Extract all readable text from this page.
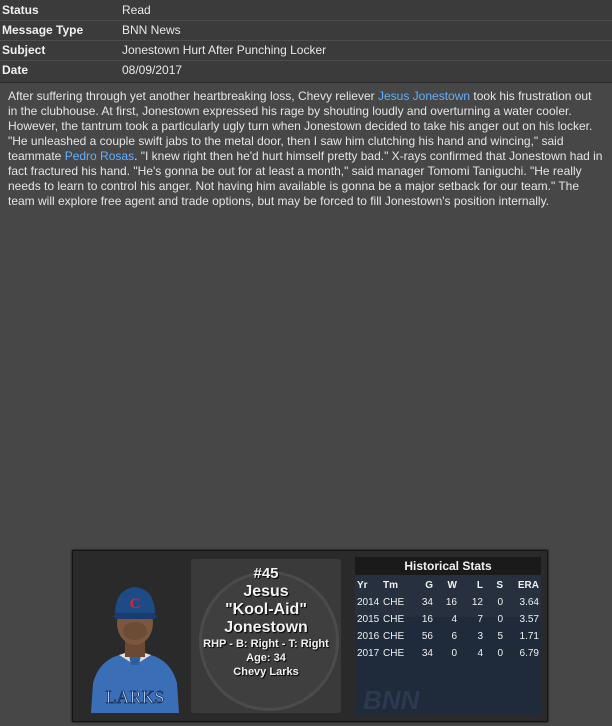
Status	Read
Message Type	BNN News
Subject	Jonestown Hurt After Punching Locker
Date	08/09/2017
After suffering through yet another heartbreaking loss, Chevy reliever Jesus Jonestown took his frustration out in the clubhouse. At first, Jonestown expressed his rage by shouting loudly and overturning a water cooler. However, the tantrum took a particularly ugly turn when Jonestown decided to take his anger out on his locker. "He unleashed a couple swift jabs to the metal door, then I saw him clutching his hand and wincing," said teammate Pedro Rosas. "I knew right then he'd hurt himself pretty bad." X-rays confirmed that Jonestown had in fact fractured his hand. "He's gonna be out for at least a month," said manager Tomomi Taniguchi. "He really needs to learn to control his anger. Not having him available is gonna be a major setback for our team." The team will explore free agent and trade options, but may be forced to fill Jonestown's position internally.
C
LARKS
#45
Jesus
"Kool-Aid"
Jonestown
RHP - B: Right - T: Right
Age: 34
Chevy Larks
BNN
Historical Stats
Yr	Tm	G	W	L	S	ERA
2014 CHE	34	16	12	0	3.64
2015 CHE	16	4	7	0	3.57
2016 CHE	56	6	3	5	1.71
2017 CHE	34	0	4	0	6.79
